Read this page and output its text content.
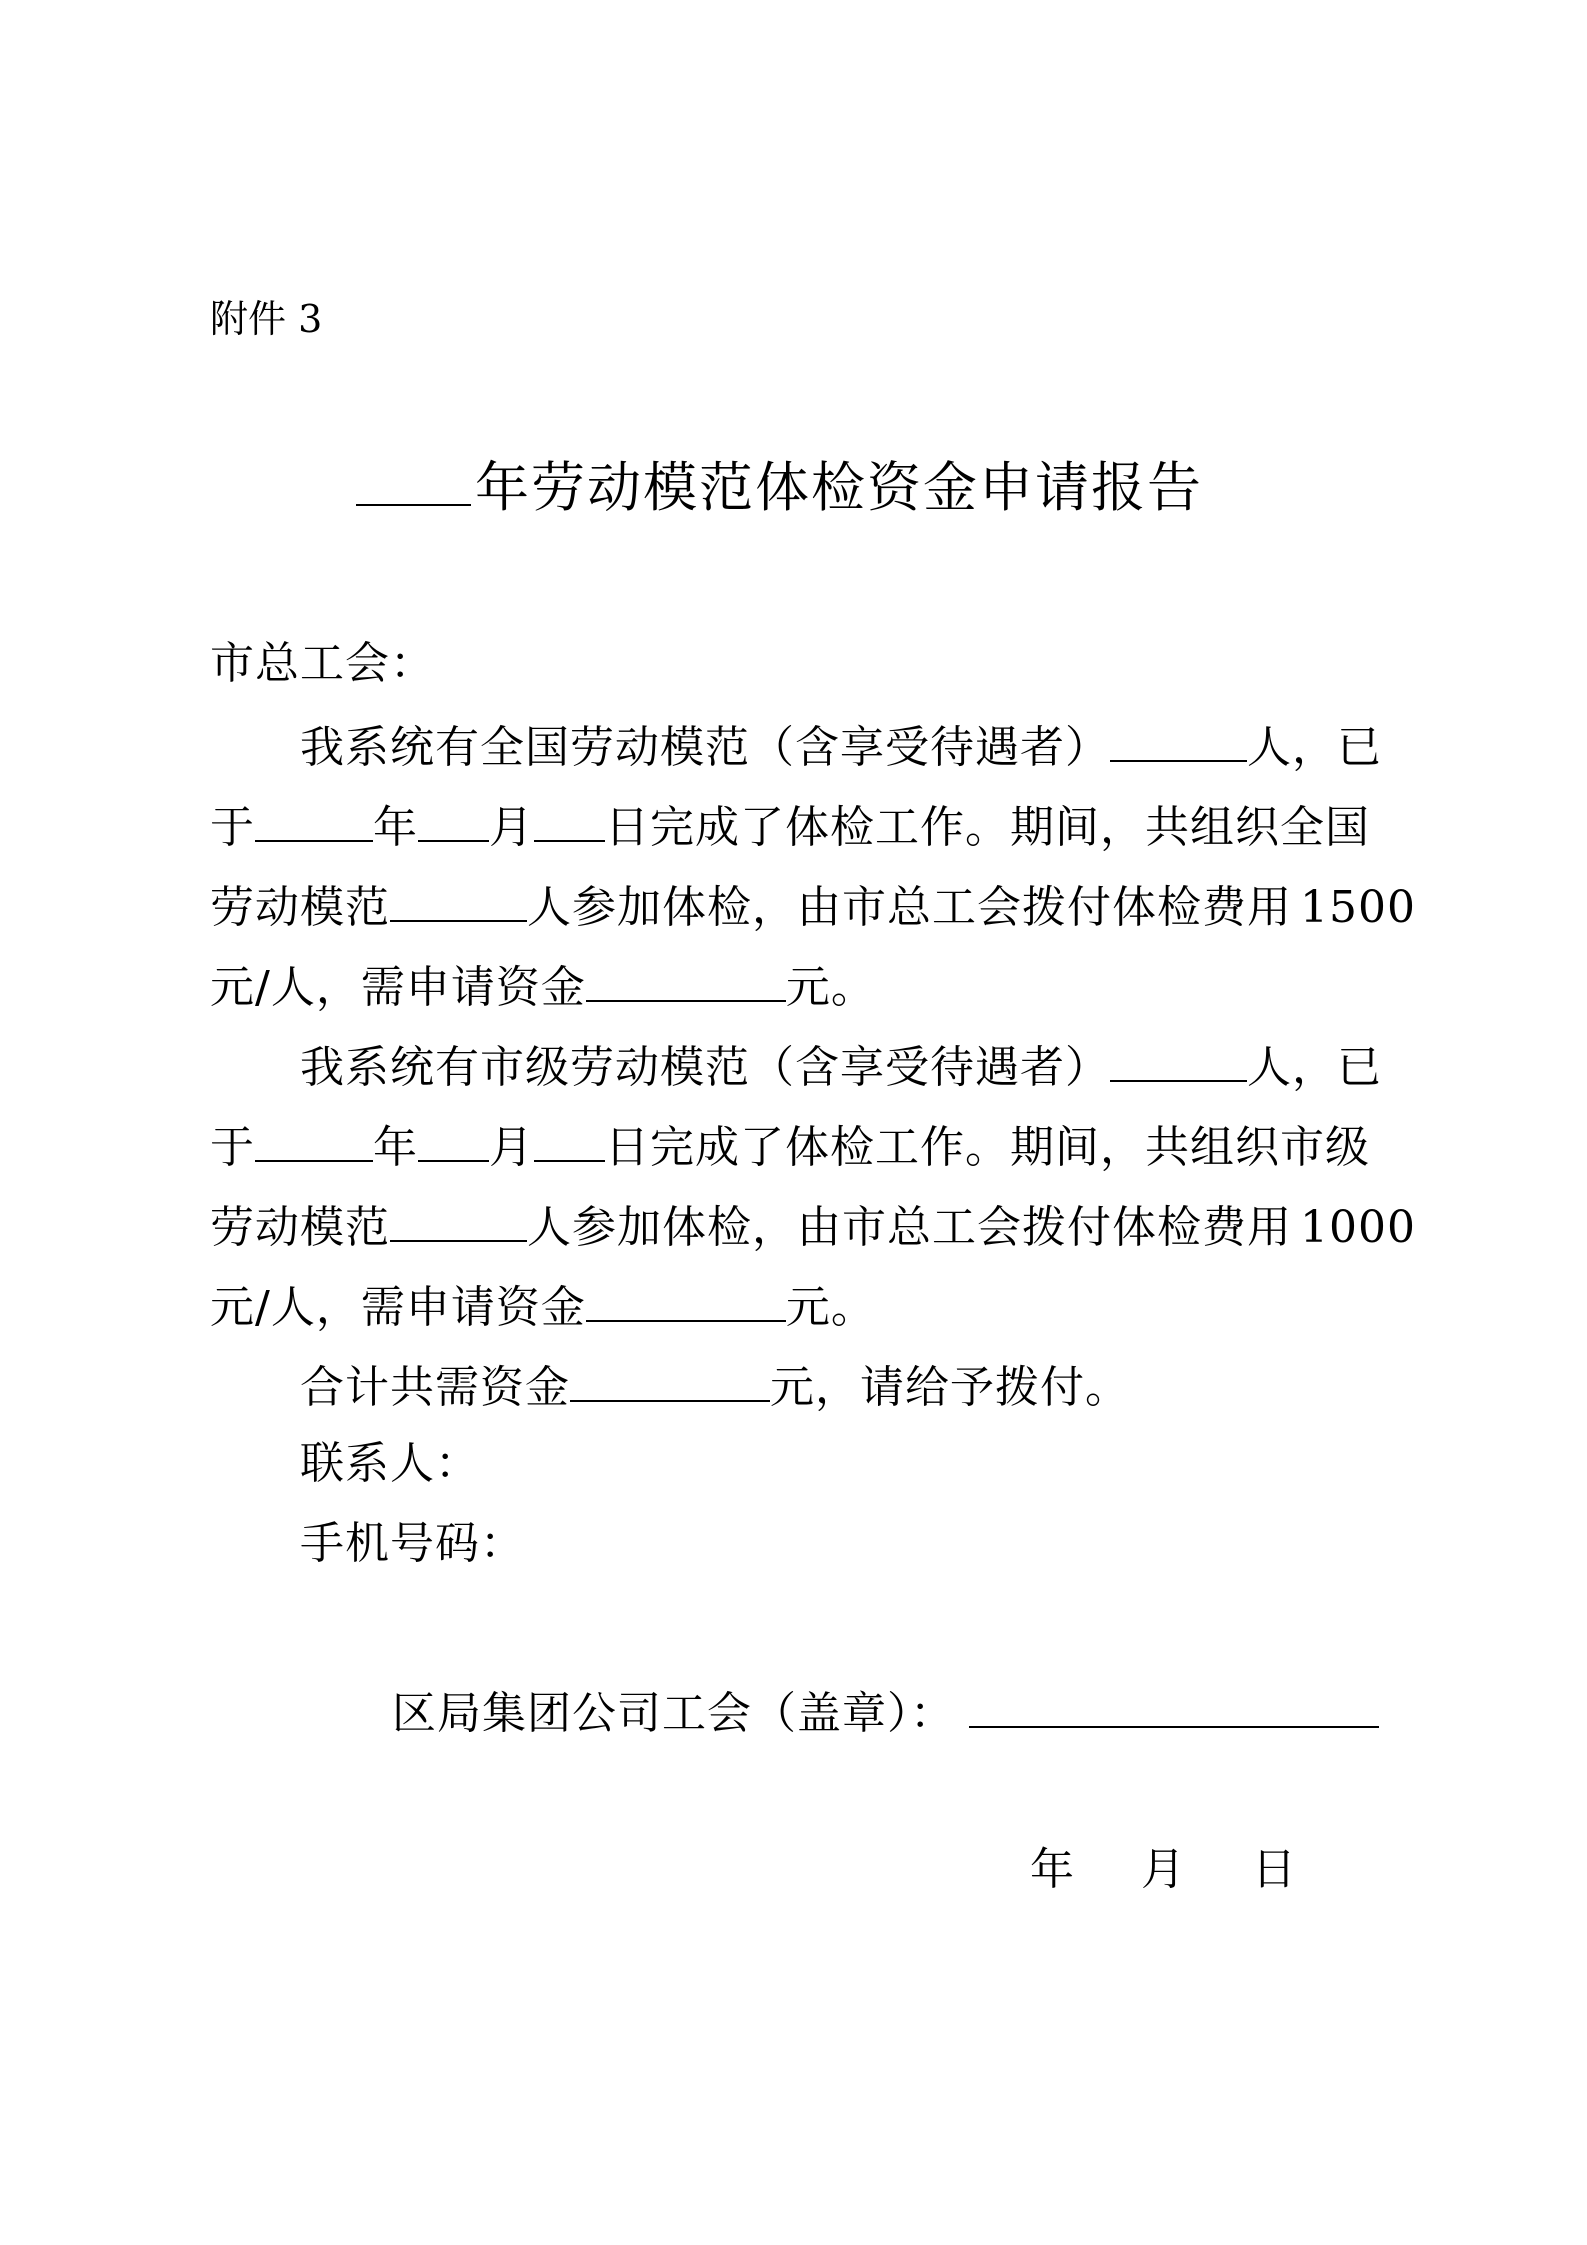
附件 3
年劳动模范体检资金申请报告
市总工会：
我系统有全国劳动模范（含享受待遇者）	人，已
于	年 月 日完成了体检工作。期间，共组织全国
劳动模范	人参加体检，由市总工会拨付体检费用 1500
元/人，需申请资金	元。
我系统有市级劳动模范（含享受待遇者）	人，已
于	年 月 日完成了体检工作。期间，共组织市级
劳动模范	人参加体检，由市总工会拨付体检费用 1000
元/人，需申请资金	元。
合计共需资金	元，请给予拨付。
联系人：
手机号码：
区局集团公司工会（盖章）：
年 月 日
